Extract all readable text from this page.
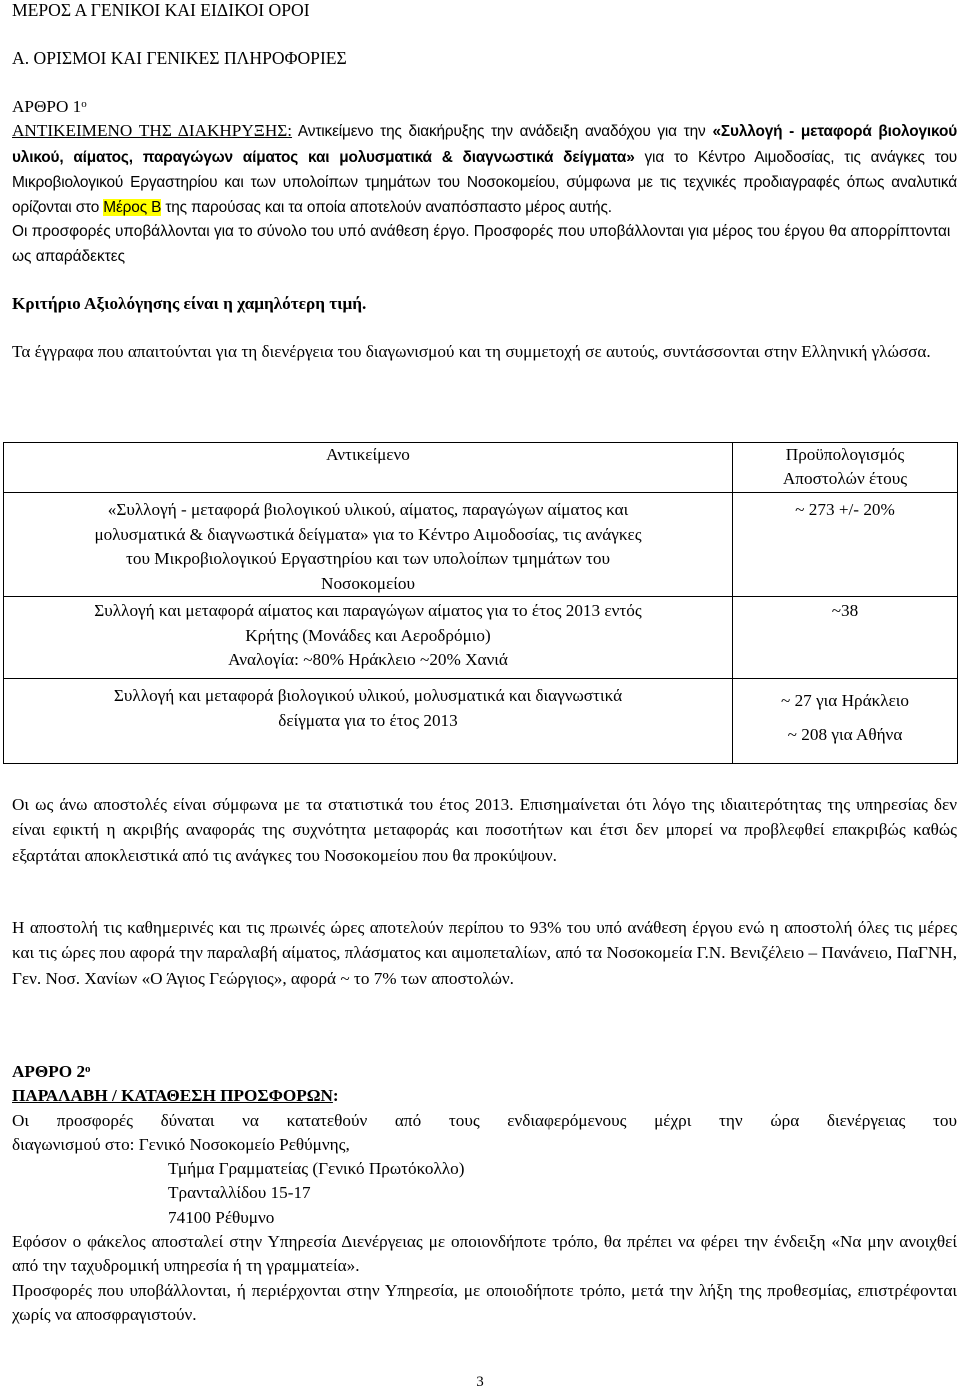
ΜΕΡΟΣ Α ΓΕΝΙΚΟΙ ΚΑΙ ΕΙΔΙΚΟΙ ΟΡΟΙ

Α. ΟΡΙΣΜΟΙ ΚΑΙ ΓΕΝΙΚΕΣ ΠΛΗΡΟΦΟΡΙΕΣ

ΑΡΘΡΟ $1^o$

ΑΝΤΙΚΕΙΜΕΝΟ ΤΗΣ ΔΙΑΚΗΡΥΞΗΣ: Αντικείμενο της διακήρυξης την ανάδειξη αναδόχου για την «Συλλογή - μεταφορά βιολογικού υλικού, αίματος, παραγώγων αίματος και μολυσματικά & διαγνωστικά δείγματα» για το Κέντρο Αιμοδοσίας, τις ανάγκες του Μικροβιολογικού Εργαστηρίου και των υπολοίπων τμημάτων του Νοσοκομείου, σύμφωνα με τις τεχνικές προδιαγραφές όπως αναλυτικά ορίζονται στο Μέρος Β της παρούσας και τα οποία αποτελούν αναπόσπαστο μέρος αυτής.

Οι προσφορές υποβάλλονται για το σύνολο του υπό ανάθεση έργο. Προσφορές που υποβάλλονται για μέρος του έργου θα απορρίπτονται ως απαράδεκτες

Κριτήριο Αξιολόγησης είναι η χαμηλότερη τιμή.

Τα έγγραφα που απαιτούνται για τη διενέργεια του διαγωνισμού και τη συμμετοχή σε αυτούς, συντάσσονται στην Ελληνική γλώσσα.

Αντικείμενο	Προϋπολογισμός
Αποστολών έτους
«Συλλογή - μεταφορά βιολογικού υλικού, αίματος, παραγώγων αίματος και
μολυσματικά & διαγνωστικά δείγματα» για το Κέντρο Αιμοδοσίας, τις ανάγκες
του Μικροβιολογικού Εργαστηρίου και των υπολοίπων τμημάτων του
Νοσοκομείου	~ 273 +/- 20%
Συλλογή και μεταφορά αίματος και παραγώγων αίματος για το έτος 2013 εντός
Κρήτης (Μονάδες και Αεροδρόμιο)
Αναλογία: ~80% Ηράκλειο ~20% Χανιά	~38
Συλλογή και μεταφορά βιολογικού υλικού, μολυσματικά και διαγνωστικά
δείγματα για το έτος 2013	~ 27 για Ηράκλειο
~ 208 για Αθήνα

Οι ως άνω αποστολές είναι σύμφωνα με τα στατιστικά του έτος 2013. Επισημαίνεται ότι λόγο της ιδιαιτερότητας της υπηρεσίας δεν είναι εφικτή η ακριβής αναφοράς της συχνότητα μεταφοράς και ποσοτήτων και έτσι δεν μπορεί να προβλεφθεί επακριβώς καθώς εξαρτάται αποκλειστικά από τις ανάγκες του Νοσοκομείου που θα προκύψουν.

Η αποστολή τις καθημερινές και τις πρωινές ώρες αποτελούν περίπου το 93% του υπό ανάθεση έργου ενώ η αποστολή όλες τις μέρες και τις ώρες που αφορά την παραλαβή αίματος, πλάσματος και αιμοπεταλίων, από τα Νοσοκομεία Γ.Ν. Βενιζέλειο – Πανάνειο, ΠαΓΝΗ, Γεν. Νοσ. Χανίων «Ο Άγιος Γεώργιος», αφορά ~ το 7% των αποστολών.

ΑΡΘΡΟ $2^o$

ΠΑΡΑΛΑΒΗ / ΚΑΤΑΘΕΣΗ ΠΡΟΣΦΟΡΩΝ:

Οι προσφορές δύναται να κατατεθούν από τους ενδιαφερόμενους μέχρι την ώρα διενέργειας του

διαγωνισμού στο: Γενικό Νοσοκομείο Ρεθύμνης,

Τμήμα Γραμματείας (Γενικό Πρωτόκολλο)

Τρανταλλίδου 15-17

74100 Ρέθυμνο

Εφόσον ο φάκελος αποσταλεί στην Υπηρεσία Διενέργειας με οποιονδήποτε τρόπο, θα πρέπει να φέρει την ένδειξη «Να μην ανοιχθεί από την ταχυδρομική υπηρεσία ή τη γραμματεία».

Προσφορές που υποβάλλονται, ή περιέρχονται στην Υπηρεσία, με οποιοδήποτε τρόπο, μετά την λήξη της προθεσμίας, επιστρέφονται χωρίς να αποσφραγιστούν.

3
